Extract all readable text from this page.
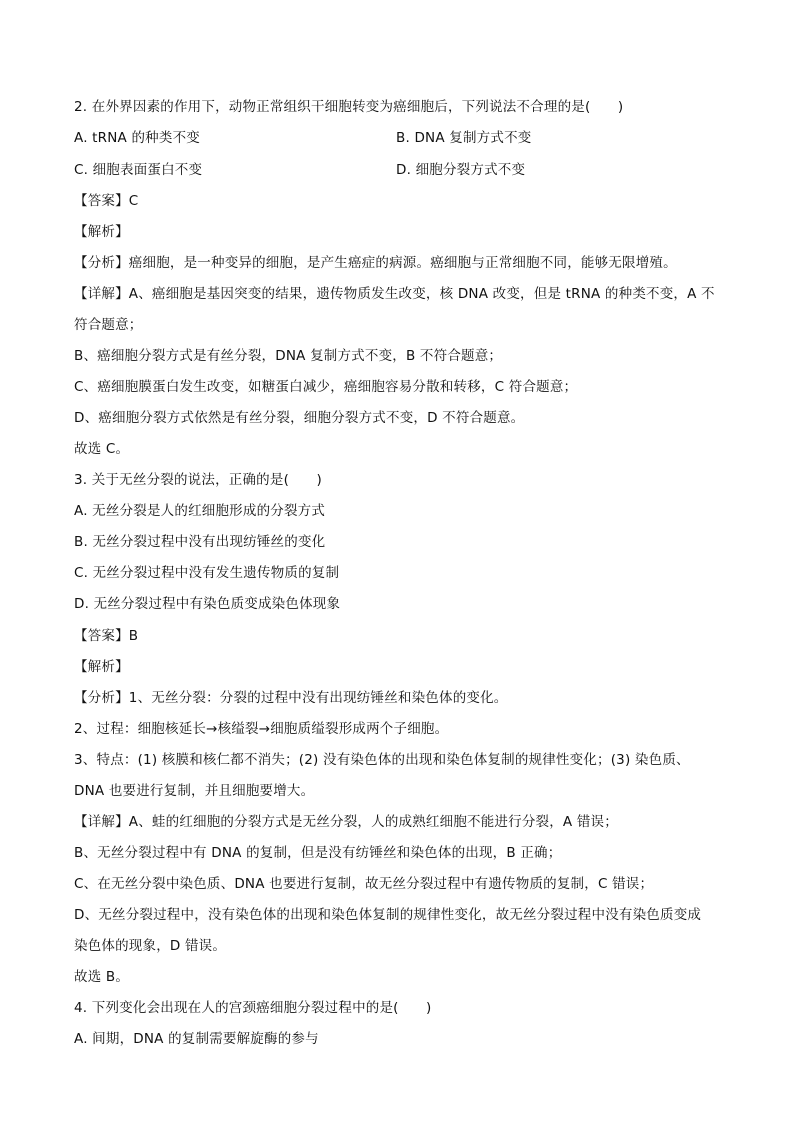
2. 在外界因素的作用下，动物正常组织干细胞转变为癌细胞后，下列说法不合理的是(　　)
A. tRNA 的种类不变	B. DNA 复制方式不变
C. 细胞表面蛋白不变	D. 细胞分裂方式不变
【答案】C
【解析】
【分析】癌细胞，是一种变异的细胞，是产生癌症的病源。癌细胞与正常细胞不同，能够无限增殖。
【详解】A、癌细胞是基因突变的结果，遗传物质发生改变，核 DNA 改变，但是 tRNA 的种类不变，A 不
符合题意；
B、癌细胞分裂方式是有丝分裂，DNA 复制方式不变，B 不符合题意；
C、癌细胞膜蛋白发生改变，如糖蛋白减少，癌细胞容易分散和转移，C 符合题意；
D、癌细胞分裂方式依然是有丝分裂，细胞分裂方式不变，D 不符合题意。
故选 C。
3. 关于无丝分裂的说法，正确的是(　　)
A. 无丝分裂是人的红细胞形成的分裂方式
B. 无丝分裂过程中没有出现纺锤丝的变化
C. 无丝分裂过程中没有发生遗传物质的复制
D. 无丝分裂过程中有染色质变成染色体现象
【答案】B
【解析】
【分析】1、无丝分裂：分裂的过程中没有出现纺锤丝和染色体的变化。
2、过程：细胞核延长→核缢裂→细胞质缢裂形成两个子细胞。
3、特点：(1) 核膜和核仁都不消失；(2) 没有染色体的出现和染色体复制的规律性变化；(3) 染色质、
DNA 也要进行复制，并且细胞要增大。
【详解】A、蛙的红细胞的分裂方式是无丝分裂，人的成熟红细胞不能进行分裂，A 错误；
B、无丝分裂过程中有 DNA 的复制，但是没有纺锤丝和染色体的出现，B 正确；
C、在无丝分裂中染色质、DNA 也要进行复制，故无丝分裂过程中有遗传物质的复制，C 错误；
D、无丝分裂过程中，没有染色体的出现和染色体复制的规律性变化，故无丝分裂过程中没有染色质变成
染色体的现象，D 错误。
故选 B。
4. 下列变化会出现在人的宫颈癌细胞分裂过程中的是(　　)
A. 间期，DNA 的复制需要解旋酶的参与
